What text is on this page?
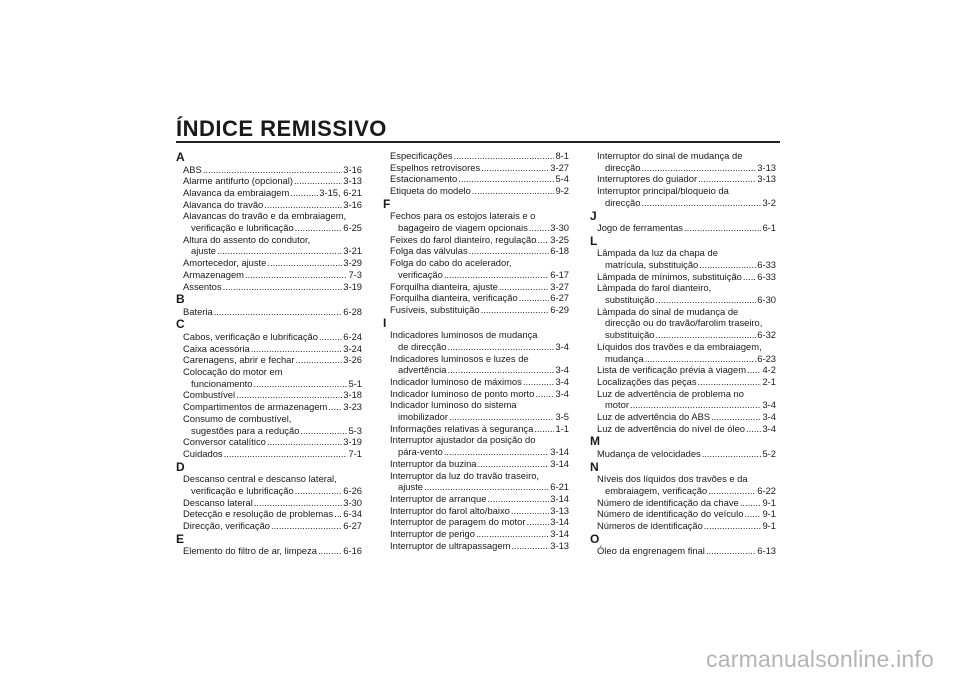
ÍNDICE REMISSIVO
A
ABS .....	3-16
Alarme antifurto (opcional) .....	3-13
Alavanca da embraiagem .....	3-15, 6-21
Alavanca do travão .....	3-16
Alavancas do travão e da embraiagem,
verificação e lubrificação .....	6-25
Altura do assento do condutor,
ajuste .....	3-21
Amortecedor, ajuste .....	3-29
Armazenagem .....	7-3
Assentos .....	3-19
B
Bateria .....	6-28
C
Cabos, verificação e lubrificação .....	6-24
Caixa acessória .....	3-24
Carenagens, abrir e fechar .....	3-26
Colocação do motor em
funcionamento .....	5-1
Combustível .....	3-18
Compartimentos de armazenagem ..... 3-23
Consumo de combustível,
sugestões para a redução .....	5-3
Conversor catalítico .....	3-19
Cuidados .....	7-1
D
Descanso central e descanso lateral,
verificação e lubrificação .....	6-26
Descanso lateral .....	3-30
Detecção e resolução de problemas ..... 6-34
Direcção, verificação .....	6-27
E
Elemento do filtro de ar, limpeza .....	6-16
Especificações .....	8-1
Espelhos retrovisores .....	3-27
Estacionamento .....	5-4
Etiqueta do modelo .....	9-2
F
Fechos para os estojos laterais e o
bagageiro de viagem opcionais ..... 3-30
Feixes do farol dianteiro, regulação ..... 3-25
Folga das válvulas .....	6-18
Folga do cabo do acelerador,
verificação .....	6-17
Forquilha dianteira, ajuste .....	3-27
Forquilha dianteira, verificação .....	6-27
Fusíveis, substituição .....	6-29
I
Indicadores luminosos de mudança
de direcção .....	3-4
Indicadores luminosos e luzes de
advertência .....	3-4
Indicador luminoso de máximos .....	3-4
Indicador luminoso de ponto morto ..... 3-4
Indicador luminoso do sistema
imobilizador .....	3-5
Informações relativas à segurança ..... 1-1
Interruptor ajustador da posição do
pára-vento .....	3-14
Interruptor da buzina .....	3-14
Interruptor da luz do travão traseiro,
ajuste .....	6-21
Interruptor de arranque .....	3-14
Interruptor do farol alto/baixo .....	3-13
Interruptor de paragem do motor .....	3-14
Interruptor de perigo .....	3-14
Interruptor de ultrapassagem .....	3-13
Interruptor do sinal de mudança de
direcção .....	3-13
Interruptores do guiador .....	3-13
Interruptor principal/bloqueio da
direcção .....	3-2
J
Jogo de ferramentas .....	6-1
L
Lâmpada da luz da chapa de
matrícula, substituição .....	6-33
Lâmpada de mínimos, substituição ..... 6-33
Lâmpada do farol dianteiro,
substituição .....	6-30
Lâmpada do sinal de mudança de
direcção ou do travão/farolim traseiro,
substituição .....	6-32
Líquidos dos travões e da embraiagem,
mudança .....	6-23
Lista de verificação prévia à viagem ..... 4-2
Localizações das peças .....	2-1
Luz de advertência de problema no
motor .....	3-4
Luz de advertência do ABS .....	3-4
Luz de advertência do nível de óleo ..... 3-4
M
Mudança de velocidades .....	5-2
N
Níveis dos líquidos dos travões e da
embraiagem, verificação .....	6-22
Número de identificação da chave .....	9-1
Número de identificação do veículo ..... 9-1
Números de identificação .....	9-1
O
Óleo da engrenagem final .....	6-13
carmanualsonline.info
